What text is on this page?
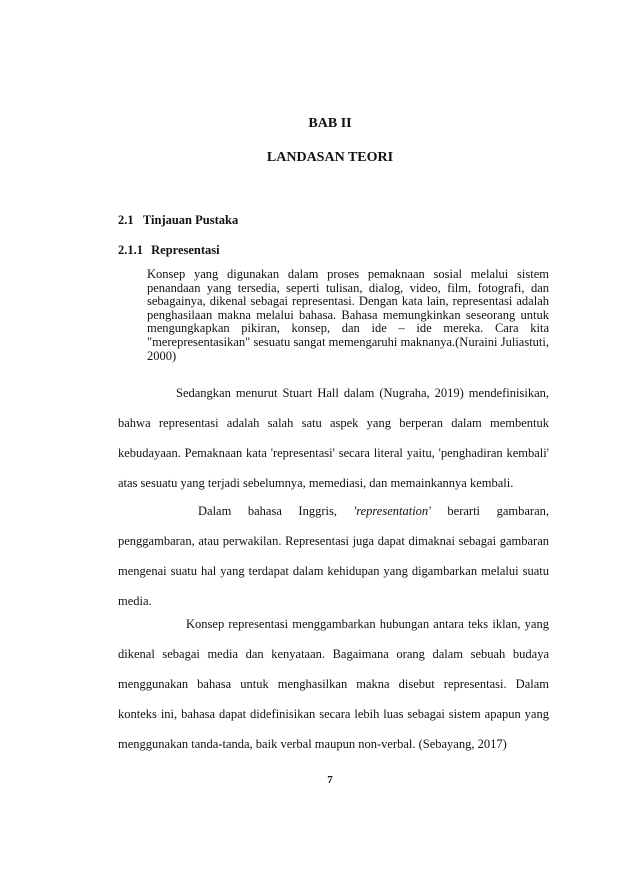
BAB II
LANDASAN TEORI
2.1 Tinjauan Pustaka
2.1.1 Representasi

Konsep yang digunakan dalam proses pemaknaan sosial melalui sistem penandaan yang tersedia, seperti tulisan, dialog, video, film, fotografi, dan sebagainya, dikenal sebagai representasi. Dengan kata lain, representasi adalah penghasilaan makna melalui bahasa. Bahasa memungkinkan seseorang untuk mengungkapkan pikiran, konsep, dan ide – ide mereka. Cara kita "merepresentasikan" sesuatu sangat memengaruhi maknanya.(Nuraini Juliastuti, 2000)

Sedangkan menurut Stuart Hall dalam (Nugraha, 2019) mendefinisikan, bahwa representasi adalah salah satu aspek yang berperan dalam membentuk kebudayaan. Pemaknaan kata 'representasi' secara literal yaitu, 'penghadiran kembali' atas sesuatu yang terjadi sebelumnya, memediasi, dan memainkannya kembali.

Dalam bahasa Inggris, 'representation' berarti gambaran, penggambaran, atau perwakilan. Representasi juga dapat dimaknai sebagai gambaran mengenai suatu hal yang terdapat dalam kehidupan yang digambarkan melalui suatu media.

Konsep representasi menggambarkan hubungan antara teks iklan, yang dikenal sebagai media dan kenyataan. Bagaimana orang dalam sebuah budaya menggunakan bahasa untuk menghasilkan makna disebut representasi. Dalam konteks ini, bahasa dapat didefinisikan secara lebih luas sebagai sistem apapun yang menggunakan tanda-tanda, baik verbal maupun non-verbal. (Sebayang, 2017)

7
